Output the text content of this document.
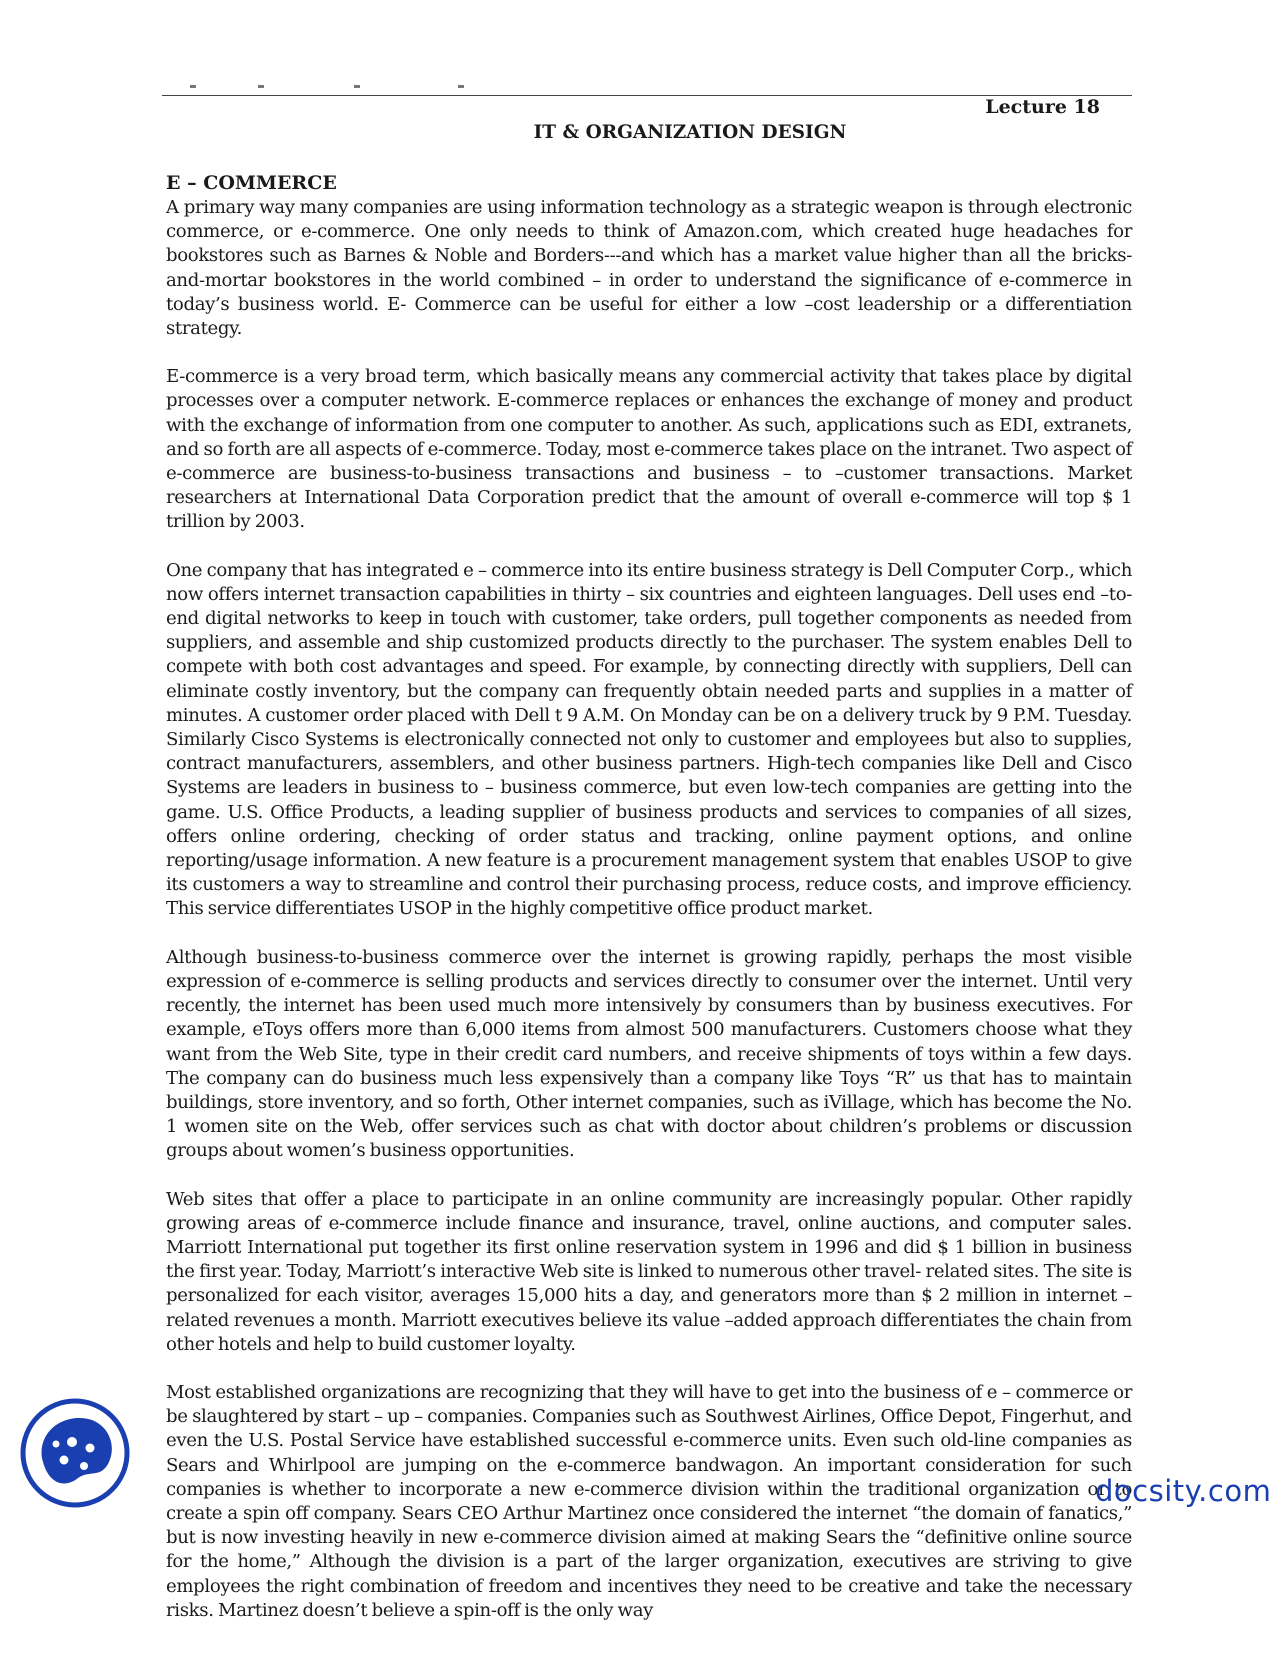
Lecture 18
IT & ORGANIZATION DESIGN
E – COMMERCE

A primary way many companies are using information technology as a strategic weapon is through electronic commerce, or e-commerce. One only needs to think of Amazon.com, which created huge headaches for bookstores such as Barnes & Noble and Borders---and which has a market value higher than all the bricks-and-mortar bookstores in the world combined – in order to understand the significance of e-commerce in today’s business world. E- Commerce can be useful for either a low –cost leadership or a differentiation strategy.

E-commerce is a very broad term, which basically means any commercial activity that takes place by digital processes over a computer network. E-commerce replaces or enhances the exchange of money and product with the exchange of information from one computer to another. As such, applications such as EDI, extranets, and so forth are all aspects of e-commerce. Today, most e-commerce takes place on the intranet. Two aspect of e-commerce are business-to-business transactions and business – to –customer transactions. Market researchers at International Data Corporation predict that the amount of overall e-commerce will top $ 1 trillion by 2003.

One company that has integrated e – commerce into its entire business strategy is Dell Computer Corp., which now offers internet transaction capabilities in thirty – six countries and eighteen languages. Dell uses end –to-end digital networks to keep in touch with customer, take orders, pull together components as needed from suppliers, and assemble and ship customized products directly to the purchaser. The system enables Dell to compete with both cost advantages and speed. For example, by connecting directly with suppliers, Dell can eliminate costly inventory, but the company can frequently obtain needed parts and supplies in a matter of minutes. A customer order placed with Dell t 9 A.M. On Monday can be on a delivery truck by 9 P.M. Tuesday. Similarly Cisco Systems is electronically connected not only to customer and employees but also to supplies, contract manufacturers, assemblers, and other business partners. High-tech companies like Dell and Cisco Systems are leaders in business to – business commerce, but even low-tech companies are getting into the game. U.S. Office Products, a leading supplier of business products and services to companies of all sizes, offers online ordering, checking of order status and tracking, online payment options, and online reporting/usage information. A new feature is a procurement management system that enables USOP to give its customers a way to streamline and control their purchasing process, reduce costs, and improve efficiency. This service differentiates USOP in the highly competitive office product market.

Although business-to-business commerce over the internet is growing rapidly, perhaps the most visible expression of e-commerce is selling products and services directly to consumer over the internet. Until very recently, the internet has been used much more intensively by consumers than by business executives. For example, eToys offers more than 6,000 items from almost 500 manufacturers. Customers choose what they want from the Web Site, type in their credit card numbers, and receive shipments of toys within a few days. The company can do business much less expensively than a company like Toys “R” us that has to maintain buildings, store inventory, and so forth, Other internet companies, such as iVillage, which has become the No. 1 women site on the Web, offer services such as chat with doctor about children’s problems or discussion groups about women’s business opportunities.

Web sites that offer a place to participate in an online community are increasingly popular. Other rapidly growing areas of e-commerce include finance and insurance, travel, online auctions, and computer sales. Marriott International put together its first online reservation system in 1996 and did $ 1 billion in business the first year. Today, Marriott’s interactive Web site is linked to numerous other travel- related sites. The site is personalized for each visitor, averages 15,000 hits a day, and generators more than $ 2 million in internet –related revenues a month. Marriott executives believe its value –added approach differentiates the chain from other hotels and help to build customer loyalty.

Most established organizations are recognizing that they will have to get into the business of e – commerce or be slaughtered by start – up – companies. Companies such as Southwest Airlines, Office Depot, Fingerhut, and even the U.S. Postal Service have established successful e-commerce units. Even such old-line companies as Sears and Whirlpool are jumping on the e-commerce bandwagon. An important consideration for such companies is whether to incorporate a new e-commerce division within the traditional organization or to create a spin off company. Sears CEO Arthur Martinez once considered the internet “the domain of fanatics,” but is now investing heavily in new e-commerce division aimed at making Sears the “definitive online source for the home,” Although the division is a part of the larger organization, executives are striving to give employees the right combination of freedom and incentives they need to be creative and take the necessary risks. Martinez doesn’t believe a spin-off is the only way

docsity.com
